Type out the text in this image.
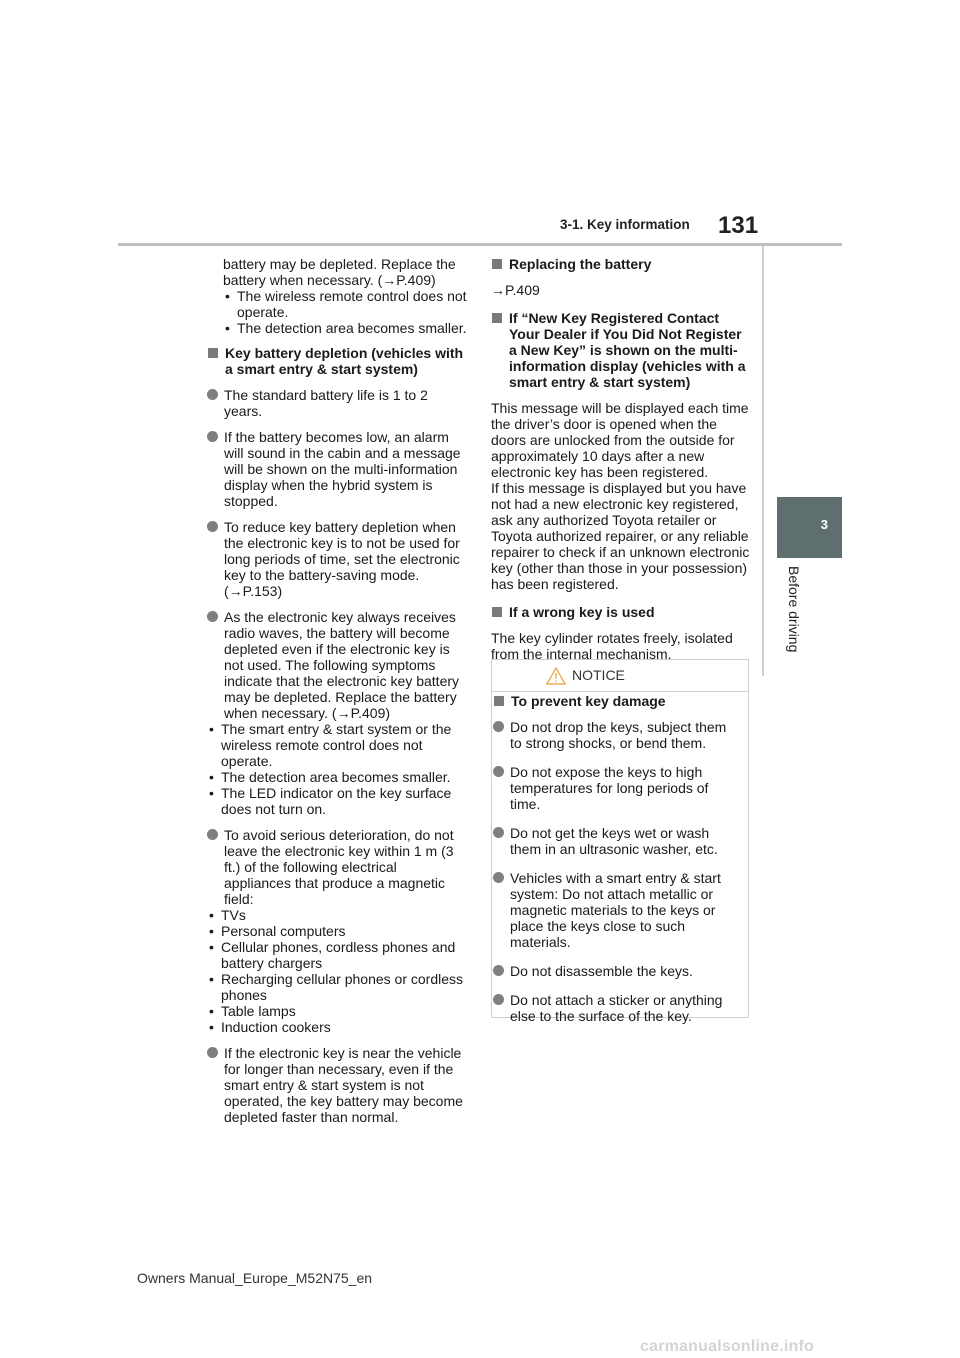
3-1. Key information 131
3
Before driving
battery may be depleted. Replace the
battery when necessary. (→P.409)
• The wireless remote control does not operate.
• The detection area becomes smaller.
Key battery depletion (vehicles with a smart entry & start system)
The standard battery life is 1 to 2 years.
If the battery becomes low, an alarm will sound in the cabin and a message will be shown on the multi-information display when the hybrid system is stopped.
To reduce key battery depletion when the electronic key is to not be used for long periods of time, set the electronic key to the battery-saving mode. (→P.153)
As the electronic key always receives radio waves, the battery will become depleted even if the electronic key is not used. The following symptoms indicate that the electronic key battery may be depleted. Replace the battery when necessary. (→P.409)
• The smart entry & start system or the wireless remote control does not operate.
• The detection area becomes smaller.
• The LED indicator on the key surface does not turn on.
To avoid serious deterioration, do not leave the electronic key within 1 m (3 ft.) of the following electrical appliances that produce a magnetic field:
• TVs
• Personal computers
• Cellular phones, cordless phones and battery chargers
• Recharging cellular phones or cordless phones
• Table lamps
• Induction cookers
If the electronic key is near the vehicle for longer than necessary, even if the smart entry & start system is not operated, the key battery may become depleted faster than normal.
Replacing the battery
→P.409
If “New Key Registered Contact Your Dealer if You Did Not Register a New Key” is shown on the multi-information display (vehicles with a smart entry & start system)
This message will be displayed each time the driver’s door is opened when the doors are unlocked from the outside for approximately 10 days after a new electronic key has been registered.
If this message is displayed but you have not had a new electronic key registered, ask any authorized Toyota retailer or Toyota authorized repairer, or any reliable repairer to check if an unknown electronic key (other than those in your possession) has been registered.
If a wrong key is used
The key cylinder rotates freely, isolated from the internal mechanism.
NOTICE
To prevent key damage
Do not drop the keys, subject them to strong shocks, or bend them.
Do not expose the keys to high temperatures for long periods of time.
Do not get the keys wet or wash them in an ultrasonic washer, etc.
Vehicles with a smart entry & start system: Do not attach metallic or magnetic materials to the keys or place the keys close to such materials.
Do not disassemble the keys.
Do not attach a sticker or anything else to the surface of the key.
Owners Manual_Europe_M52N75_en
carmanualsonline.info
